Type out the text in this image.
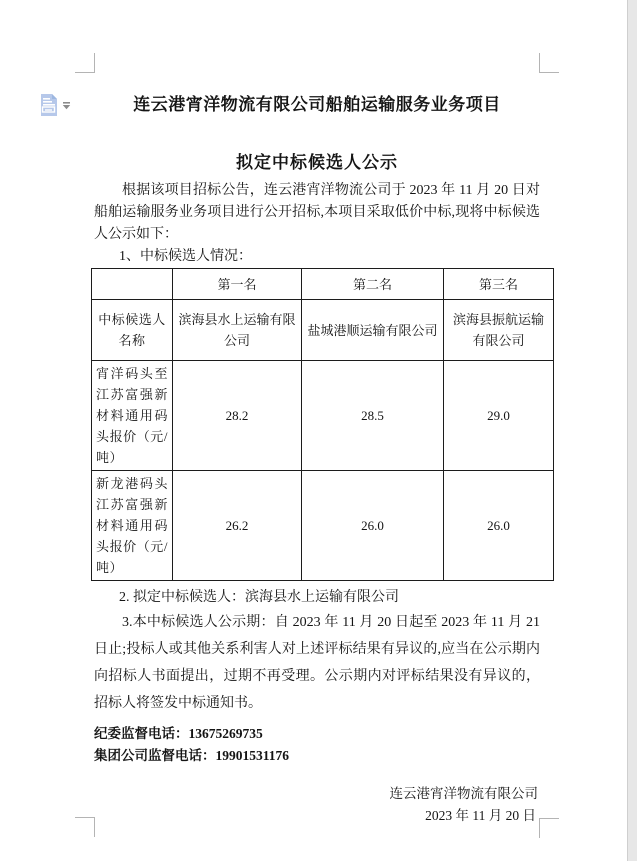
连云港宵洋物流有限公司船舶运输服务业务项目
拟定中标候选人公示

根据该项目招标公告，连云港宵洋物流公司于 2023 年 11 月 20 日对船舶运输服务业务项目进行公开招标,本项目采取低价中标,现将中标候选人公示如下：

1、中标候选人情况：

	第一名	第二名	第三名
中标候选人名称	滨海县水上运输有限公司	盐城港顺运输有限公司	滨海县振航运输有限公司
宵洋码头至江苏富强新材料通用码头报价（元/吨）	28.2	28.5	29.0
新龙港码头江苏富强新材料通用码头报价（元/吨）	26.2	26.0	26.0

2. 拟定中标候选人：滨海县水上运输有限公司

3.本中标候选人公示期：自 2023 年 11 月 20 日起至 2023 年 11 月 21 日止;投标人或其他关系利害人对上述评标结果有异议的,应当在公示期内向招标人书面提出，过期不再受理。公示期内对评标结果没有异议的，招标人将签发中标通知书。

纪委监督电话：13675269735

集团公司监督电话：19901531176

连云港宵洋物流有限公司

2023 年 11 月 20 日
